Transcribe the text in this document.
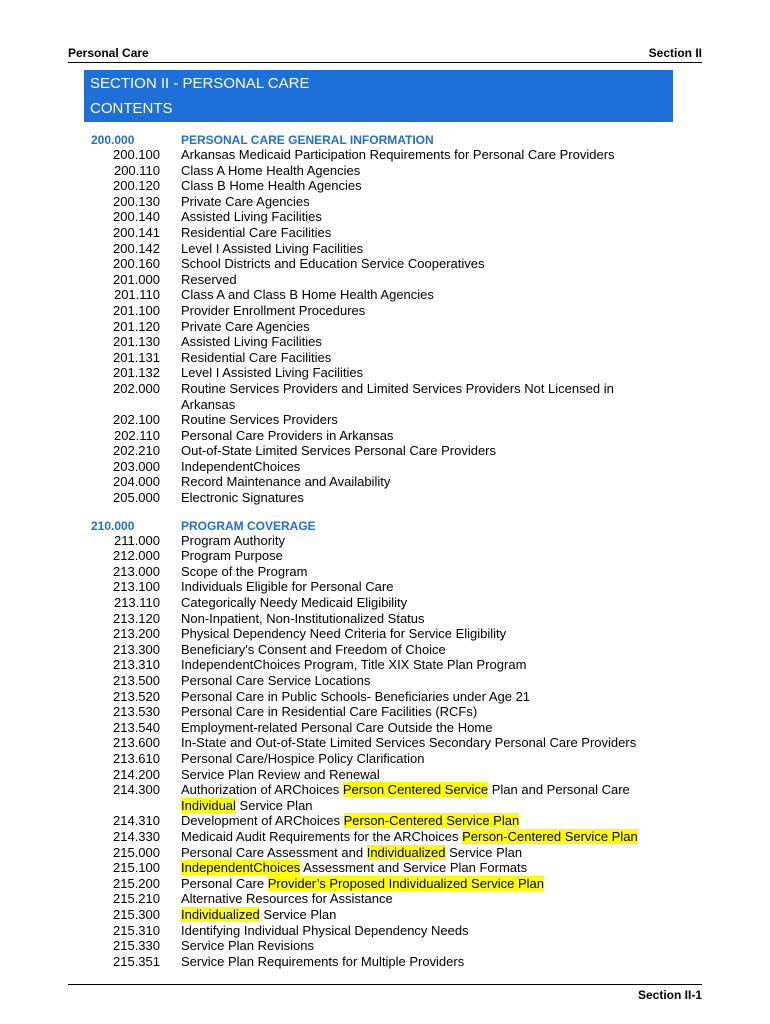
Personal Care	Section II
SECTION II - PERSONAL CARE
CONTENTS
200.000	PERSONAL CARE GENERAL INFORMATION
200.100 Arkansas Medicaid Participation Requirements for Personal Care Providers
200.110 Class A Home Health Agencies
200.120 Class B Home Health Agencies
200.130 Private Care Agencies
200.140 Assisted Living Facilities
200.141 Residential Care Facilities
200.142 Level I Assisted Living Facilities
200.160 School Districts and Education Service Cooperatives
201.000 Reserved
201.110 Class A and Class B Home Health Agencies
201.100 Provider Enrollment Procedures
201.120 Private Care Agencies
201.130 Assisted Living Facilities
201.131 Residential Care Facilities
201.132 Level I Assisted Living Facilities
202.000 Routine Services Providers and Limited Services Providers Not Licensed in Arkansas
202.100 Routine Services Providers
202.110 Personal Care Providers in Arkansas
202.210 Out-of-State Limited Services Personal Care Providers
203.000 IndependentChoices
204.000 Record Maintenance and Availability
205.000 Electronic Signatures
210.000	PROGRAM COVERAGE
211.000 Program Authority
212.000 Program Purpose
213.000 Scope of the Program
213.100 Individuals Eligible for Personal Care
213.110 Categorically Needy Medicaid Eligibility
213.120 Non-Inpatient, Non-Institutionalized Status
213.200 Physical Dependency Need Criteria for Service Eligibility
213.300 Beneficiary's Consent and Freedom of Choice
213.310 IndependentChoices Program, Title XIX State Plan Program
213.500 Personal Care Service Locations
213.520 Personal Care in Public Schools- Beneficiaries under Age 21
213.530 Personal Care in Residential Care Facilities (RCFs)
213.540 Employment-related Personal Care Outside the Home
213.600 In-State and Out-of-State Limited Services Secondary Personal Care Providers
213.610 Personal Care/Hospice Policy Clarification
214.200 Service Plan Review and Renewal
214.300 Authorization of ARChoices Person Centered Service Plan and Personal Care Individual Service Plan
214.310 Development of ARChoices Person-Centered Service Plan
214.330 Medicaid Audit Requirements for the ARChoices Person-Centered Service Plan
215.000 Personal Care Assessment and Individualized Service Plan
215.100 IndependentChoices Assessment and Service Plan Formats
215.200 Personal Care Provider’s Proposed Individualized Service Plan
215.210 Alternative Resources for Assistance
215.300 Individualized Service Plan
215.310 Identifying Individual Physical Dependency Needs
215.330 Service Plan Revisions
215.351 Service Plan Requirements for Multiple Providers
Section II-1
